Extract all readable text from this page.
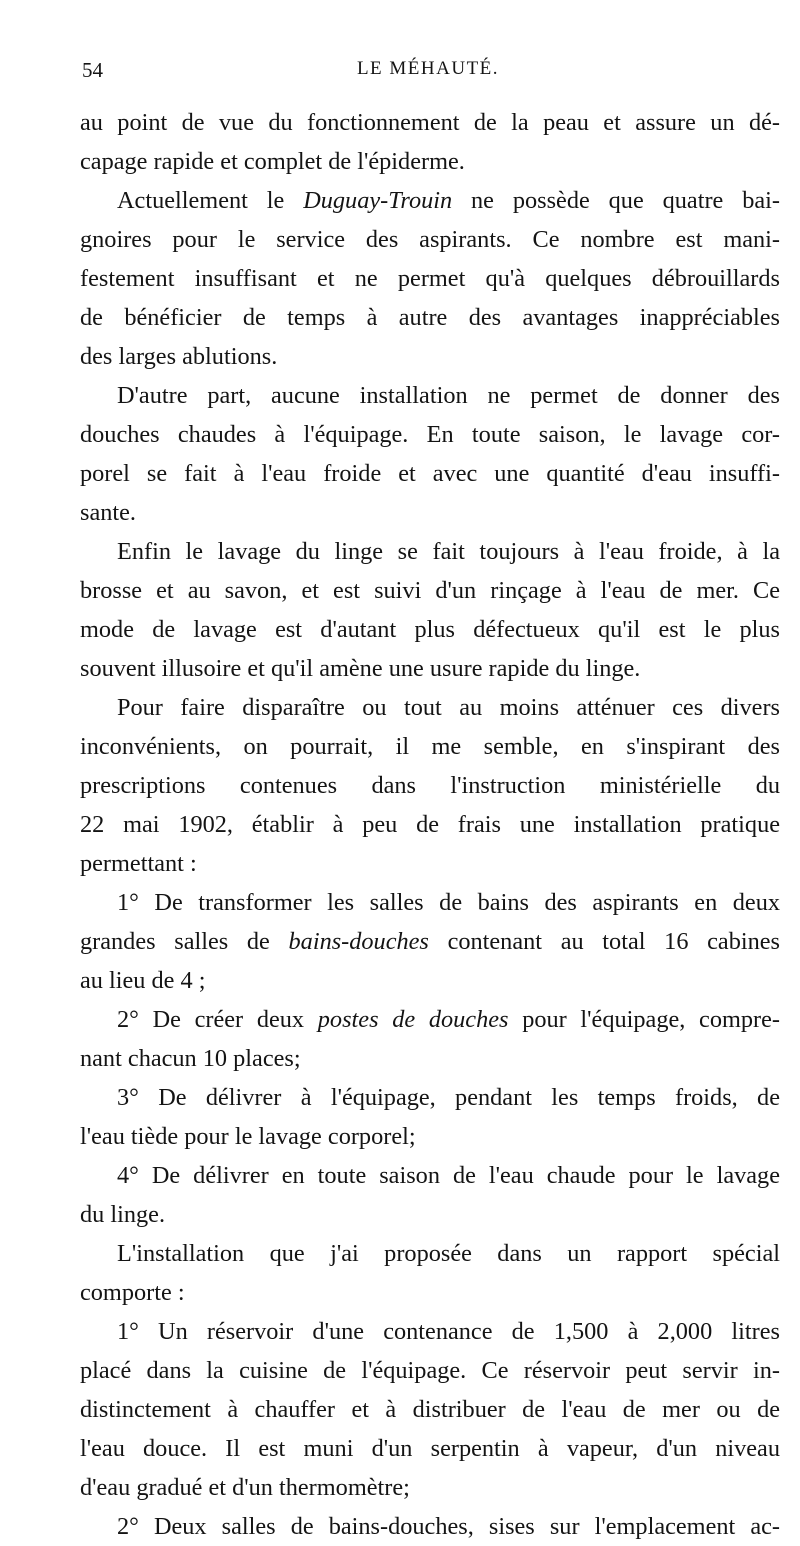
54	LE MÉHAUTÉ.
au point de vue du fonctionnement de la peau et assure un dé-
capage rapide et complet de l'épiderme.
Actuellement le Duguay-Trouin ne possède que quatre bai-
gnoires pour le service des aspirants. Ce nombre est mani-
festement insuffisant et ne permet qu'à quelques débrouillards
de bénéficier de temps à autre des avantages inappréciables
des larges ablutions.
D'autre part, aucune installation ne permet de donner des
douches chaudes à l'équipage. En toute saison, le lavage cor-
porel se fait à l'eau froide et avec une quantité d'eau insuffi-
sante.
Enfin le lavage du linge se fait toujours à l'eau froide, à la
brosse et au savon, et est suivi d'un rinçage à l'eau de mer. Ce
mode de lavage est d'autant plus défectueux qu'il est le plus
souvent illusoire et qu'il amène une usure rapide du linge.
Pour faire disparaître ou tout au moins atténuer ces divers
inconvénients, on pourrait, il me semble, en s'inspirant des
prescriptions contenues dans l'instruction ministérielle du
22 mai 1902, établir à peu de frais une installation pratique
permettant :
1° De transformer les salles de bains des aspirants en deux
grandes salles de bains-douches contenant au total 16 cabines
au lieu de 4 ;
2° De créer deux postes de douches pour l'équipage, compre-
nant chacun 10 places;
3° De délivrer à l'équipage, pendant les temps froids, de
l'eau tiède pour le lavage corporel;
4° De délivrer en toute saison de l'eau chaude pour le lavage
du linge.
L'installation que j'ai proposée dans un rapport spécial
comporte :
1° Un réservoir d'une contenance de 1,500 à 2,000 litres
placé dans la cuisine de l'équipage. Ce réservoir peut servir in-
distinctement à chauffer et à distribuer de l'eau de mer ou de
l'eau douce. Il est muni d'un serpentin à vapeur, d'un niveau
d'eau gradué et d'un thermomètre;
2° Deux salles de bains-douches, sises sur l'emplacement ac-
